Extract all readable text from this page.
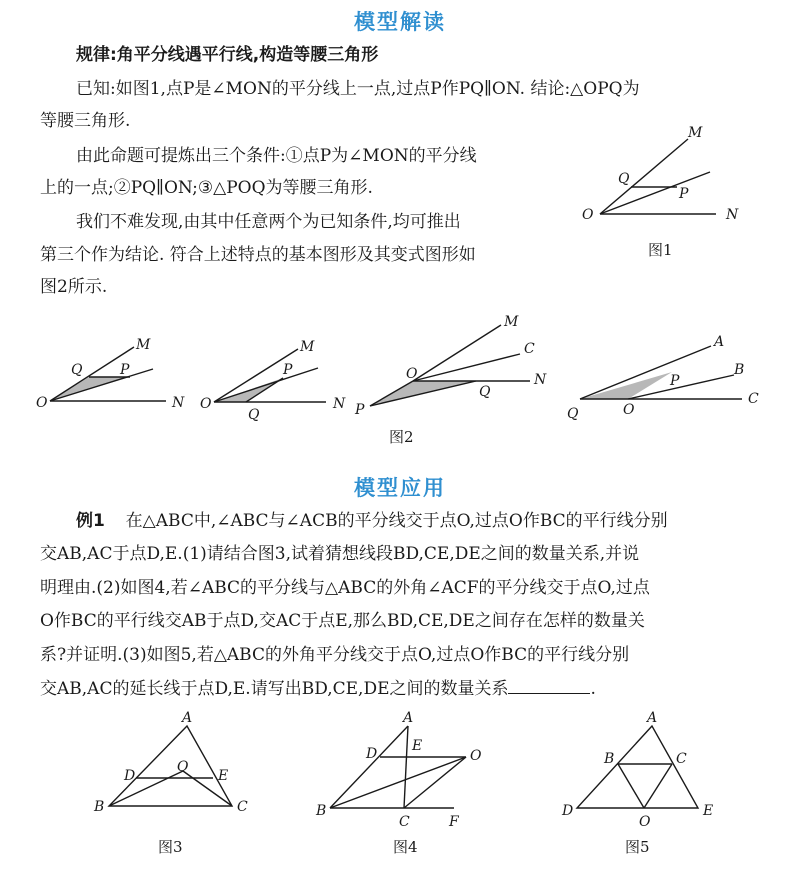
模型解读
规律:角平分线遇平行线,构造等腰三角形
已知:如图1,点P是∠MON的平分线上一点,过点P作PQ∥ON. 结论:△OPQ为
等腰三角形.
由此命题可提炼出三个条件:①点P为∠MON的平分线
上的一点;②PQ∥ON;③△POQ为等腰三角形.
我们不难发现,由其中任意两个为已知条件,均可推出
第三个作为结论. 符合上述特点的基本图形及其变式图形如
图2所示.
模型应用
例1 在△ABC中,∠ABC与∠ACB的平分线交于点O,过点O作BC的平行线分别
交AB,AC于点D,E.(1)请结合图3,试着猜想线段BD,CE,DE之间的数量关系,并说
明理由.(2)如图4,若∠ABC的平分线与△ABC的外角∠ACF的平分线交于点O,过点
O作BC的平行线交AB于点D,交AC于点E,那么BD,CE,DE之间存在怎样的数量关
系?并证明.(3)如图5,若△ABC的外角平分线交于点O,过点O作BC的平行线分别
交AB,AC的延长线于点D,E.请写出BD,CE,DE之间的数量关系	.
M
Q
P
O	N
图1
M
Q	P
O	N
M
P
O
Q
N
M
C
O	N
Q
P
A
B
P
C
Q	O
图2
A
D
O
E
B	C
图3
A
D E
O
B
C	F
图4
A
B	C
D
O
E
图5
